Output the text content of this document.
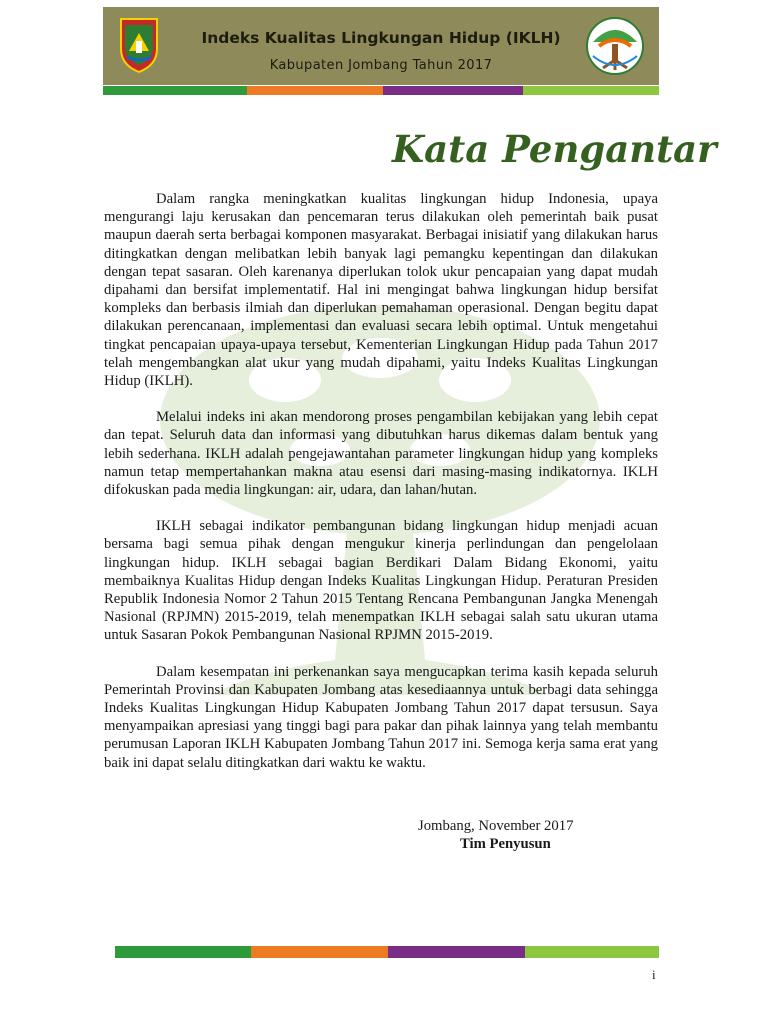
Indeks Kualitas Lingkungan Hidup (IKLH)
Kabupaten Jombang Tahun 2017
Kata Pengantar

Dalam rangka meningkatkan kualitas lingkungan hidup Indonesia, upaya mengurangi laju kerusakan dan pencemaran terus dilakukan oleh pemerintah baik pusat maupun daerah serta berbagai komponen masyarakat. Berbagai inisiatif yang dilakukan harus ditingkatkan dengan melibatkan lebih banyak lagi pemangku kepentingan dan dilakukan dengan tepat sasaran. Oleh karenanya diperlukan tolok ukur pencapaian yang dapat mudah dipahami dan bersifat implementatif. Hal ini mengingat bahwa lingkungan hidup bersifat kompleks dan berbasis ilmiah dan diperlukan pemahaman operasional. Dengan begitu dapat dilakukan perencanaan, implementasi dan evaluasi secara lebih optimal. Untuk mengetahui tingkat pencapaian upaya-upaya tersebut, Kementerian Lingkungan Hidup pada Tahun 2017 telah mengembangkan alat ukur yang mudah dipahami, yaitu Indeks Kualitas Lingkungan Hidup (IKLH).

Melalui indeks ini akan mendorong proses pengambilan kebijakan yang lebih cepat dan tepat. Seluruh data dan informasi yang dibutuhkan harus dikemas dalam bentuk yang lebih sederhana. IKLH adalah pengejawantahan parameter lingkungan hidup yang kompleks namun tetap mempertahankan makna atau esensi dari masing-masing indikatornya. IKLH difokuskan pada media lingkungan: air, udara, dan lahan/hutan.

IKLH sebagai indikator pembangunan bidang lingkungan hidup menjadi acuan bersama bagi semua pihak dengan mengukur kinerja perlindungan dan pengelolaan lingkungan hidup. IKLH sebagai bagian Berdikari Dalam Bidang Ekonomi, yaitu membaiknya Kualitas Hidup dengan Indeks Kualitas Lingkungan Hidup. Peraturan Presiden Republik Indonesia Nomor 2 Tahun 2015 Tentang Rencana Pembangunan Jangka Menengah Nasional (RPJMN) 2015-2019, telah menempatkan IKLH sebagai salah satu ukuran utama untuk Sasaran Pokok Pembangunan Nasional RPJMN 2015-2019.

Dalam kesempatan ini perkenankan saya mengucapkan terima kasih kepada seluruh Pemerintah Provinsi dan Kabupaten Jombang atas kesediaannya untuk berbagi data sehingga Indeks Kualitas Lingkungan Hidup Kabupaten Jombang Tahun 2017 dapat tersusun. Saya menyampaikan apresiasi yang tinggi bagi para pakar dan pihak lainnya yang telah membantu perumusan Laporan IKLH Kabupaten Jombang Tahun 2017 ini. Semoga kerja sama erat yang baik ini dapat selalu ditingkatkan dari waktu ke waktu.

Jombang, November 2017
Tim Penyusun
i
